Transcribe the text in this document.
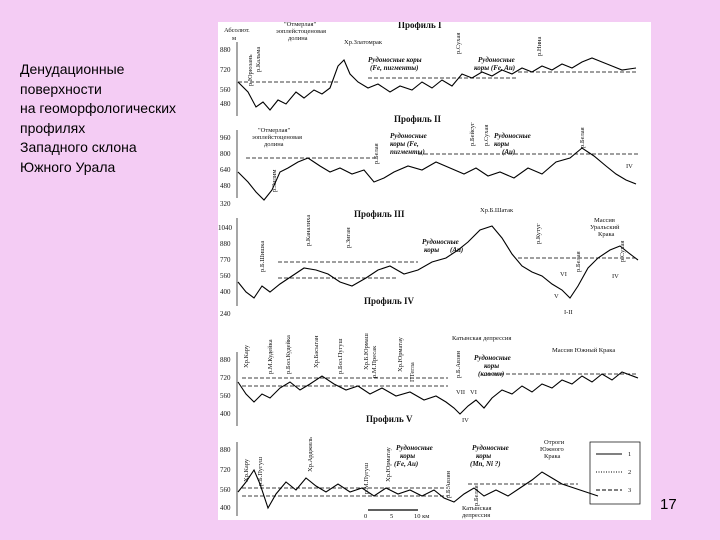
Денудационные
поверхности
на геоморфологических
профилях
Западного склона
Южного Урала
Абсолют.
м
Профиль I
880
720
560
480
"Отмерлая"
эоплейстоценовая
долина
Хр.Златомрак
Рудоносные коры
(Fe, пигменты)
Рудоносные
коры (Fe, Au)
р.Сухая	р.Нина
р.Юрюзань р.Кальма
Профиль II
960
800
640
480
"Отмерлая"
эоплейстоценовая
долина
Рудоносные
коры (Fe,
пигменты)
Рудоносные
коры
(Au)
р.Белая
р.Бейсуг р.Сухая	р.Белая
р.Зилим
IV
Профиль III
320
1040
880
770
560
400
Хр.Б.Шатак
Массив
Уральский
Крака
Рудоносные
коры (Au)
р.Кутуг
р.Белая	р.Сухая
р.Каналиха	р.Зиган
р.Б.Шишка
VI	IV
V
I-II
Профиль IV
240
880
720
560
400
Катынская депрессия
Рудоносные
коры
(каолин)
Массив Южный Крака
Хр.Кару	р.М.Кудейка р.Бол.Кудейка	Хр.Басыган	р.Бол.Пугуш	Хр.Б.Юрмаш р.М.Пресак	Хр.Юрматау
Г.Тегла	р.Б.Авзян
VII VI
IV
Профиль V
880
720
560
400
Рудоносные
коры
(Fe, Au)
Рудоносные
коры
(Mn, Ni ?)
Отроги
Южного
Крака
Хр.Кару р.Б.Пугуш	Хр.Арджиль
р.М.Пугуш Хр.Юрматау
р.Б.Авзян	р.Белая
Катынская
депрессия
0	5	10 км
1
2
3
17
